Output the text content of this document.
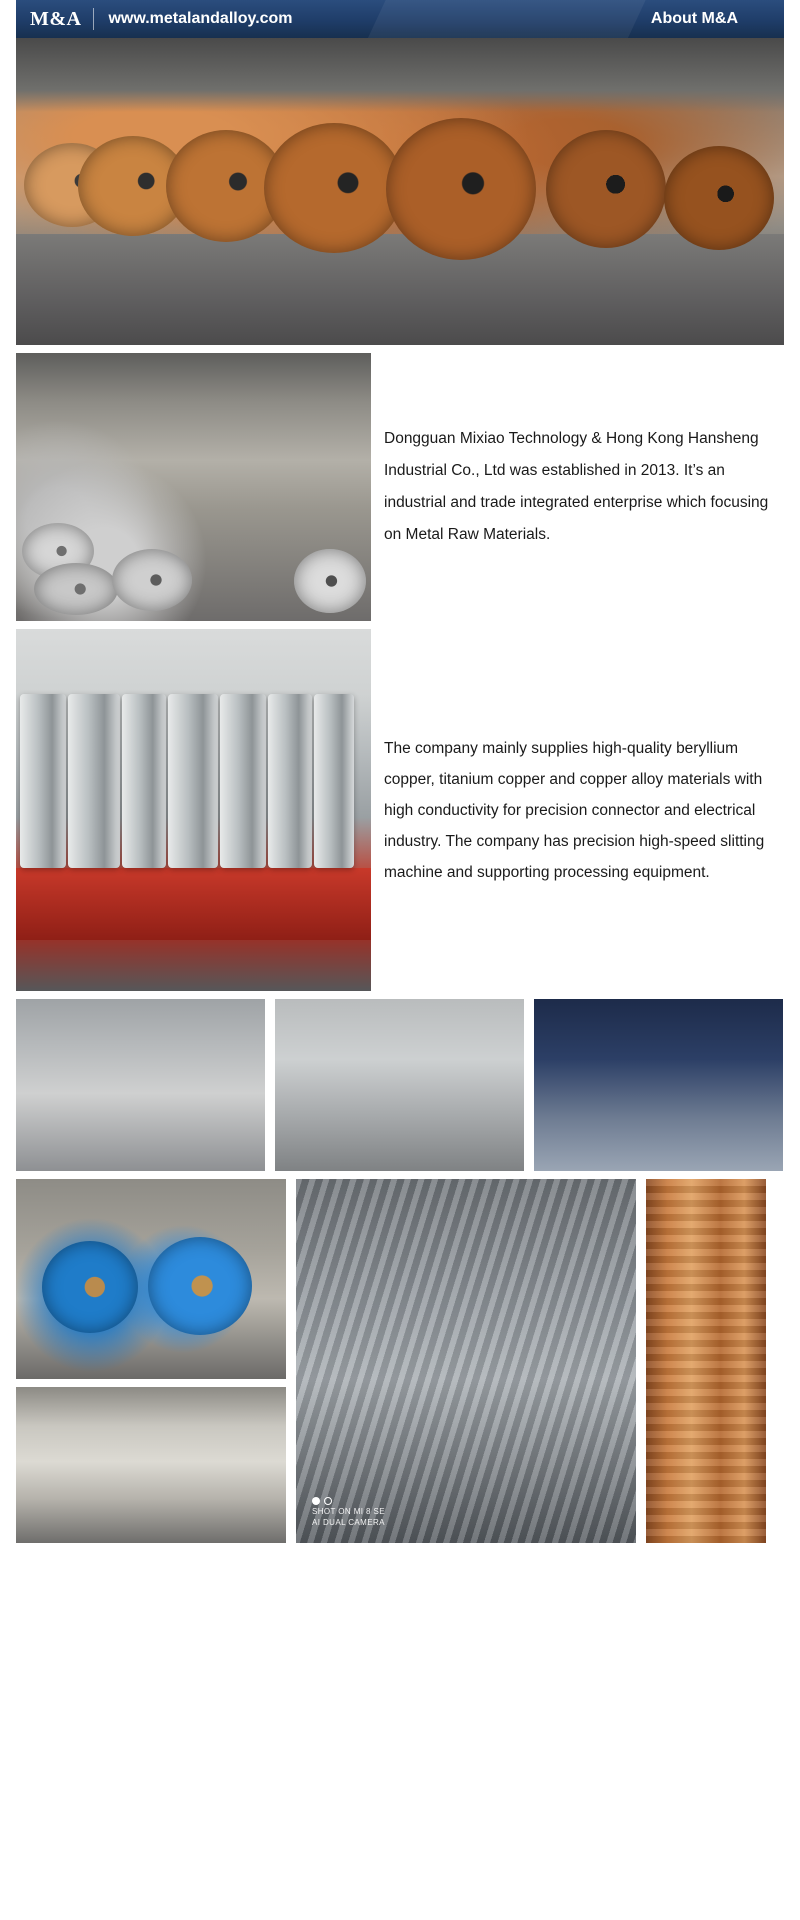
M&A	www.metalandalloy.com	About M&A

Dongguan Mixiao Technology & Hong Kong Hansheng Industrial Co., Ltd was established in 2013. It’s an industrial and trade integrated enterprise which focusing on Metal Raw Materials.

The company mainly supplies high-quality beryllium copper, titanium copper and copper alloy materials with high conductivity for precision connector and electrical industry. The company has precision high-speed slitting machine and supporting processing equipment.

SHOT ON MI 8 SE
AI DUAL CAMERA
